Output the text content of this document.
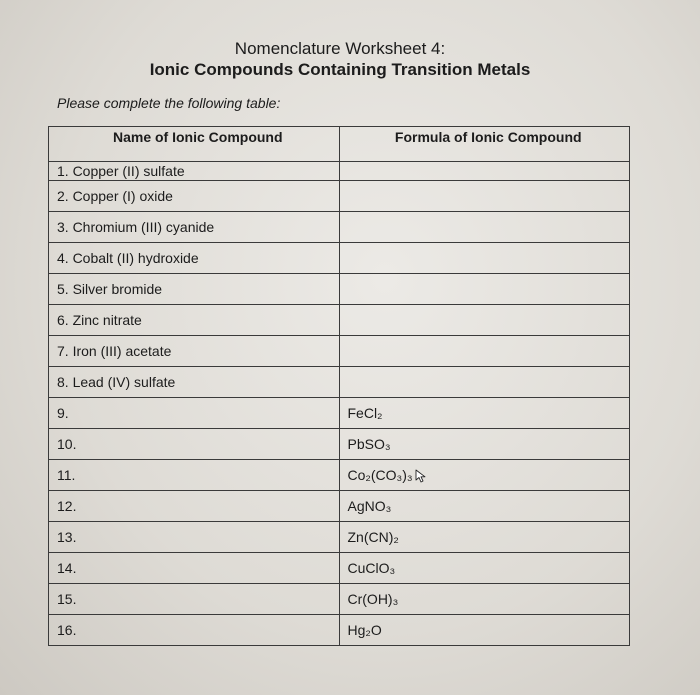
Nomenclature Worksheet 4:
Ionic Compounds Containing Transition Metals
Please complete the following table:
Name of Ionic Compound	Formula of Ionic Compound
1. Copper (II) sulfate	
2. Copper (I) oxide	
3. Chromium (III) cyanide	
4. Cobalt (II) hydroxide	
5. Silver bromide	
6. Zinc nitrate	
7. Iron (III) acetate	
8. Lead (IV) sulfate	
9.	FeCl₂
10.	PbSO₃
11.	Co₂(CO₃)₃
12.	AgNO₃
13.	Zn(CN)₂
14.	CuClO₃
15.	Cr(OH)₃
16.	Hg₂O
